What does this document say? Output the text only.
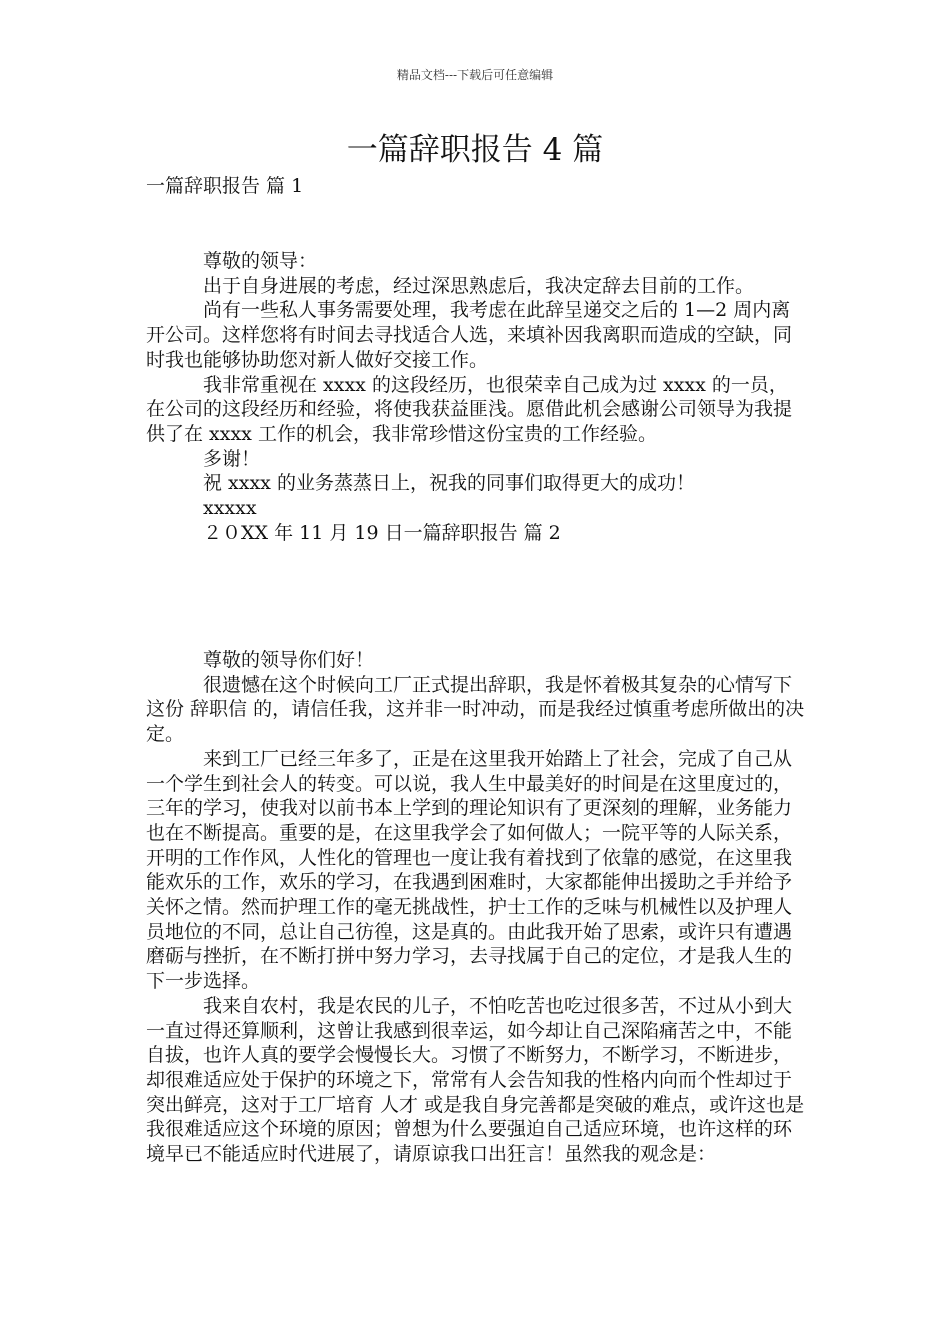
精品文档---下载后可任意编辑
一篇辞职报告 4 篇
一篇辞职报告 篇 1

尊敬的领导：

出于自身进展的考虑，经过深思熟虑后，我决定辞去目前的工作。

尚有一些私人事务需要处理，我考虑在此辞呈递交之后的 1—2 周内离开公司。这样您将有时间去寻找适合人选，来填补因我离职而造成的空缺，同时我也能够协助您对新人做好交接工作。

我非常重视在 xxxx 的这段经历，也很荣幸自己成为过 xxxx 的一员，在公司的这段经历和经验，将使我获益匪浅。愿借此机会感谢公司领导为我提供了在 xxxx 工作的机会，我非常珍惜这份宝贵的工作经验。

多谢！

祝 xxxx 的业务蒸蒸日上，祝我的同事们取得更大的成功！

xxxxx

２０XX 年 11 月 19 日一篇辞职报告 篇 2

尊敬的领导你们好！

很遗憾在这个时候向工厂正式提出辞职，我是怀着极其复杂的心情写下这份 辞职信 的，请信任我，这并非一时冲动，而是我经过慎重考虑所做出的决定。

来到工厂已经三年多了，正是在这里我开始踏上了社会，完成了自己从一个学生到社会人的转变。可以说，我人生中最美好的时间是在这里度过的，三年的学习，使我对以前书本上学到的理论知识有了更深刻的理解，业务能力也在不断提高。重要的是，在这里我学会了如何做人；一院平等的人际关系，开明的工作作风，人性化的管理也一度让我有着找到了依靠的感觉，在这里我能欢乐的工作，欢乐的学习，在我遇到困难时，大家都能伸出援助之手并给予关怀之情。然而护理工作的毫无挑战性，护士工作的乏味与机械性以及护理人员地位的不同，总让自己彷徨，这是真的。由此我开始了思索，或许只有遭遇磨砺与挫折，在不断打拼中努力学习，去寻找属于自己的定位，才是我人生的下一步选择。

我来自农村，我是农民的儿子，不怕吃苦也吃过很多苦，不过从小到大一直过得还算顺利，这曾让我感到很幸运，如今却让自己深陷痛苦之中，不能自拔，也许人真的要学会慢慢长大。习惯了不断努力，不断学习，不断进步，却很难适应处于保护的环境之下，常常有人会告知我的性格内向而个性却过于突出鲜亮，这对于工厂培育 人才 或是我自身完善都是突破的难点，或许这也是我很难适应这个环境的原因；曾想为什么要强迫自己适应环境，也许这样的环境早已不能适应时代进展了，请原谅我口出狂言！虽然我的观念是：
